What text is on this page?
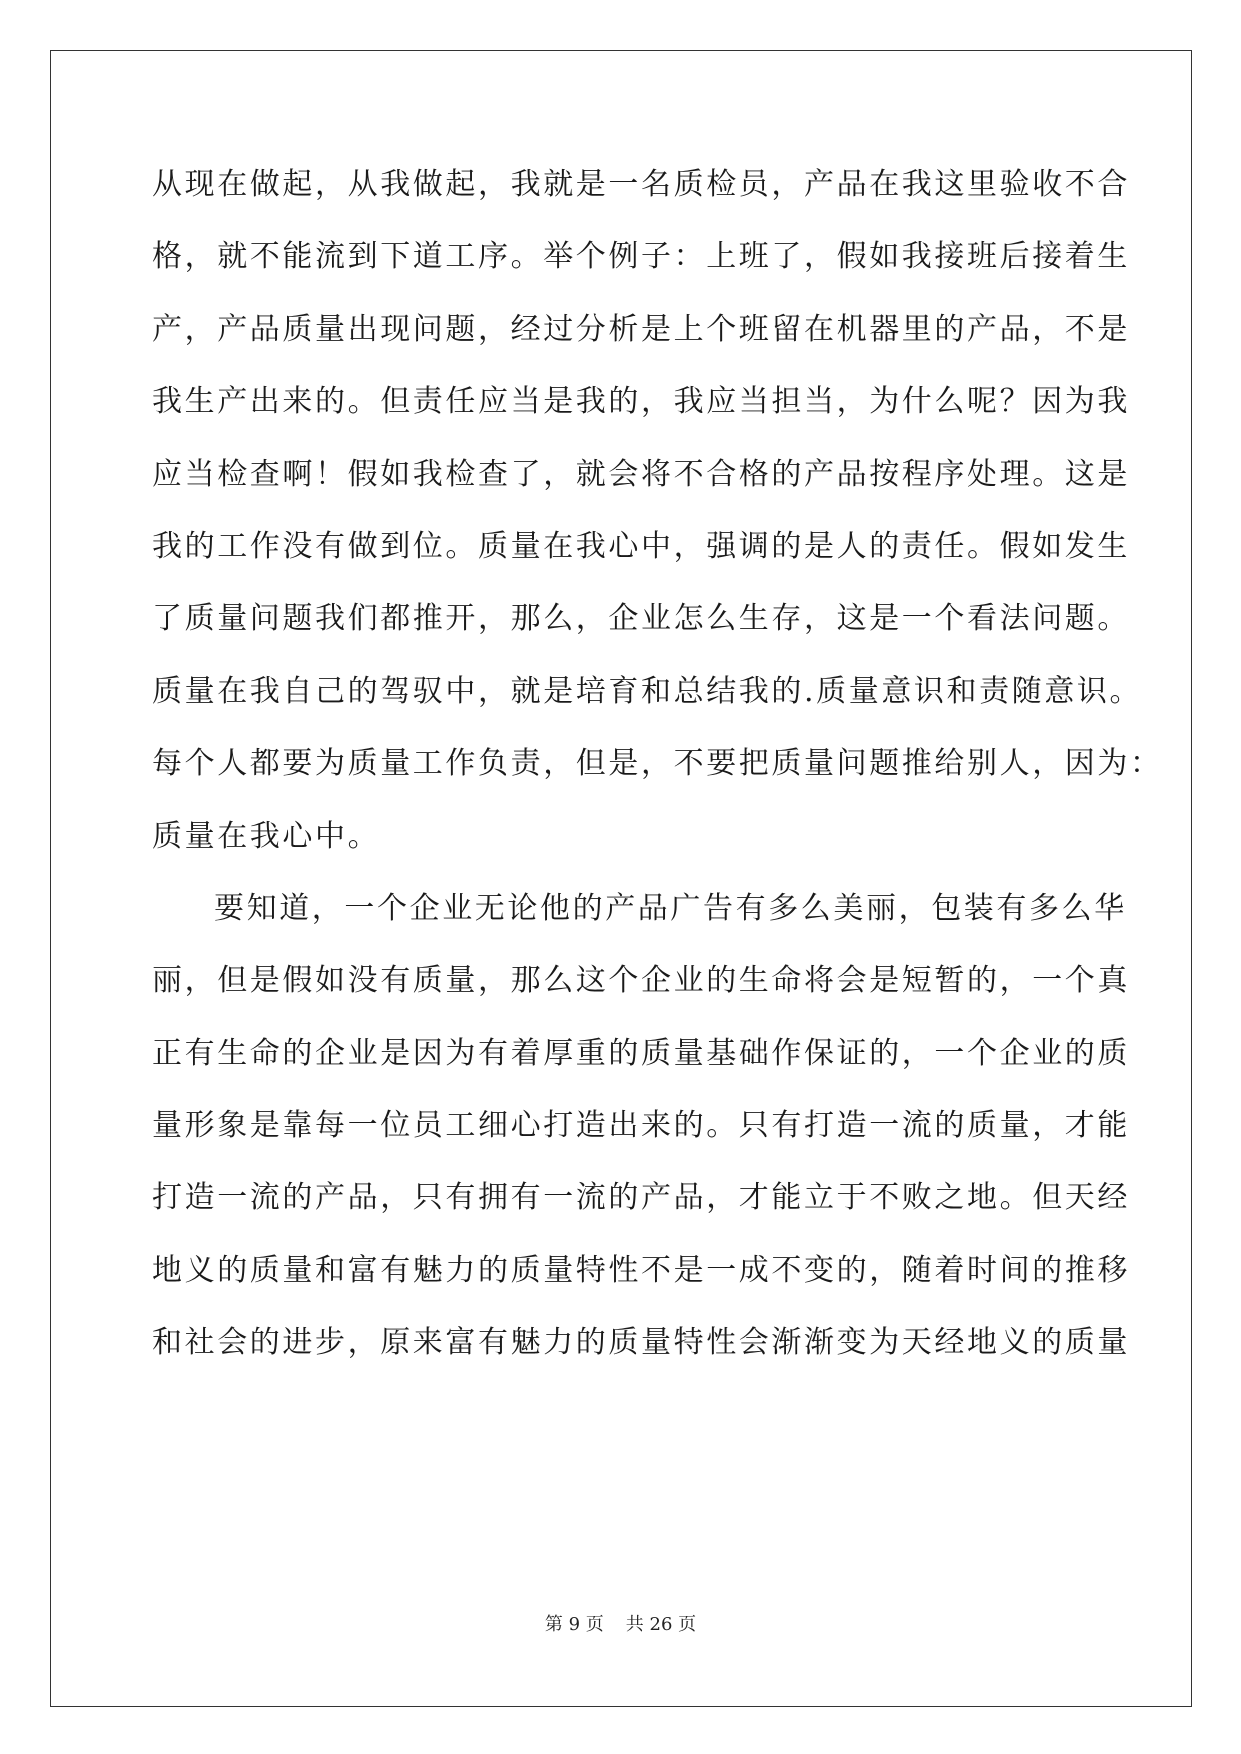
从现在做起，从我做起，我就是一名质检员，产品在我这里验收不合
格，就不能流到下道工序。举个例子：上班了，假如我接班后接着生
产，产品质量出现问题，经过分析是上个班留在机器里的产品，不是
我生产出来的。但责任应当是我的，我应当担当，为什么呢？因为我
应当检查啊！假如我检查了，就会将不合格的产品按程序处理。这是
我的工作没有做到位。质量在我心中，强调的是人的责任。假如发生
了质量问题我们都推开，那么，企业怎么生存，这是一个看法问题。
质量在我自己的驾驭中，就是培育和总结我的.质量意识和责随意识。
每个人都要为质量工作负责，但是，不要把质量问题推给别人，因为：
质量在我心中。
要知道，一个企业无论他的产品广告有多么美丽，包装有多么华
丽，但是假如没有质量，那么这个企业的生命将会是短暂的，一个真
正有生命的企业是因为有着厚重的质量基础作保证的，一个企业的质
量形象是靠每一位员工细心打造出来的。只有打造一流的质量，才能
打造一流的产品，只有拥有一流的产品，才能立于不败之地。但天经
地义的质量和富有魅力的质量特性不是一成不变的，随着时间的推移
和社会的进步，原来富有魅力的质量特性会渐渐变为天经地义的质量
第 9 页 共 26 页
